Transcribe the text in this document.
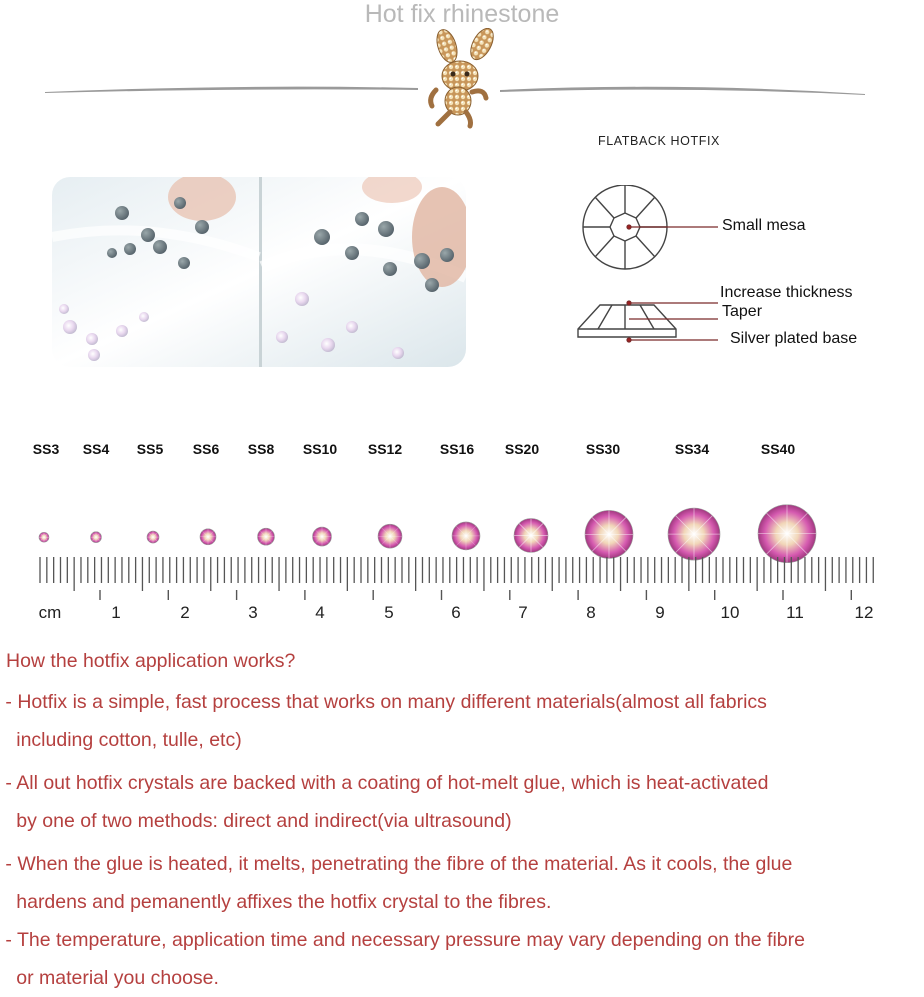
Hot fix rhinestone
FLATBACK HOTFIX
Small mesa
Increase thickness
Taper
Silver plated base
SS3 SS4 SS5 SS6 SS8 SS10 SS12	SS16 SS20	SS30	SS34	SS40
cm	1	2	3	4	5	6	7	8	9	10	11	12
How the hotfix application works?
- Hotfix is a simple, fast process that works on many different materials(almost all fabrics
including cotton, tulle, etc)
- All out hotfix crystals are backed with a coating of hot-melt glue, which is heat-activated
by one of two methods: direct and indirect(via ultrasound)
- When the glue is heated, it melts, penetrating the fibre of the material. As it cools, the glue
hardens and pemanently affixes the hotfix crystal to the fibres.
- The temperature, application time and necessary pressure may vary depending on the fibre
or material you choose.
